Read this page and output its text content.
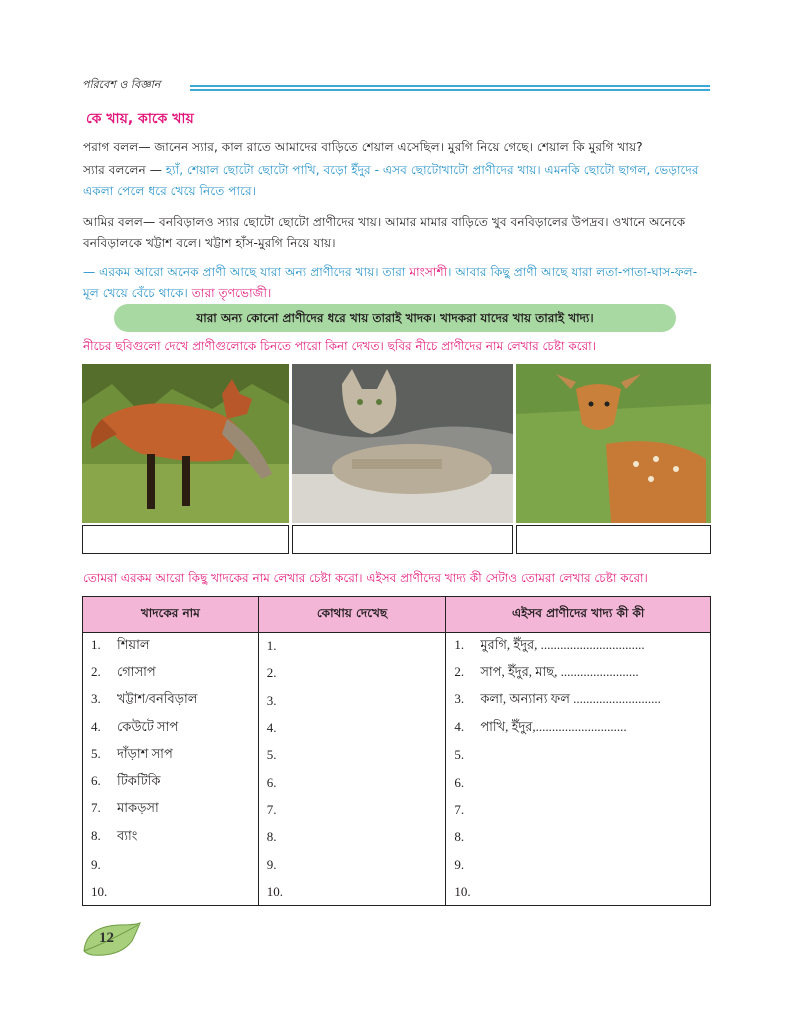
পরিবেশ ও বিজ্ঞান
কে খায়, কাকে খায়
পরাগ বলল— জানেন স্যার, কাল রাতে আমাদের বাড়িতে শেয়াল এসেছিল। মুরগি নিয়ে গেছে। শেয়াল কি মুরগি খায়?
স্যার বললেন — হ্যাঁ, শেয়াল ছোটো ছোটো পাখি, বড়ো ইঁদুর - এসব ছোটোখাটো প্রাণীদের খায়। এমনকি ছোটো ছাগল, ভেড়াদের একলা পেলে ধরে খেয়ে নিতে পারে।
আমির বলল— বনবিড়ালও স্যার ছোটো ছোটো প্রাণীদের খায়। আমার মামার বাড়িতে খুব বনবিড়ালের উপদ্রব। ওখানে অনেকে বনবিড়ালকে খট্টাশ বলে। খট্টাশ হাঁস-মুরগি নিয়ে যায়।
— এরকম আরো অনেক প্রাণী আছে যারা অন্য প্রাণীদের খায়। তারা মাংসাশী। আবার কিছু প্রাণী আছে যারা লতা-পাতা-ঘাস-ফল-মূল খেয়ে বেঁচে থাকে। তারা তৃণভোজী।
যারা অন্য কোনো প্রাণীদের ধরে খায় তারাই খাদক। খাদকরা যাদের খায় তারাই খাদ্য।
নীচের ছবিগুলো দেখে প্রাণীগুলোকে চিনতে পারো কিনা দেখত। ছবির নীচে প্রাণীদের নাম লেখার চেষ্টা করো।
তোমরা এরকম আরো কিছু খাদকের নাম লেখার চেষ্টা করো। এইসব প্রাণীদের খাদ্য কী সেটাও তোমরা লেখার চেষ্টা করো।
খাদকের নাম	কোথায় দেখেছ	এইসব প্রাণীদের খাদ্য কী কী
1. শিয়াল	1.	1. মুরগি, ইঁদুর, ................................
2. গোসাপ	2.	2. সাপ, ইঁদুর, মাছ, ........................
3. খট্টাশ/বনবিড়াল	3.	3. কলা, অন্যান্য ফল ...........................
4. কেউটে সাপ	4.	4. পাখি, ইঁদুর,............................
5. দাঁড়াশ সাপ	5.	5.
6. টিকটিকি	6.	6.
7. মাকড়সা	7.	7.
8. ব্যাং	8.	8.
9.	9.	9.
10.	10.	10.
12
